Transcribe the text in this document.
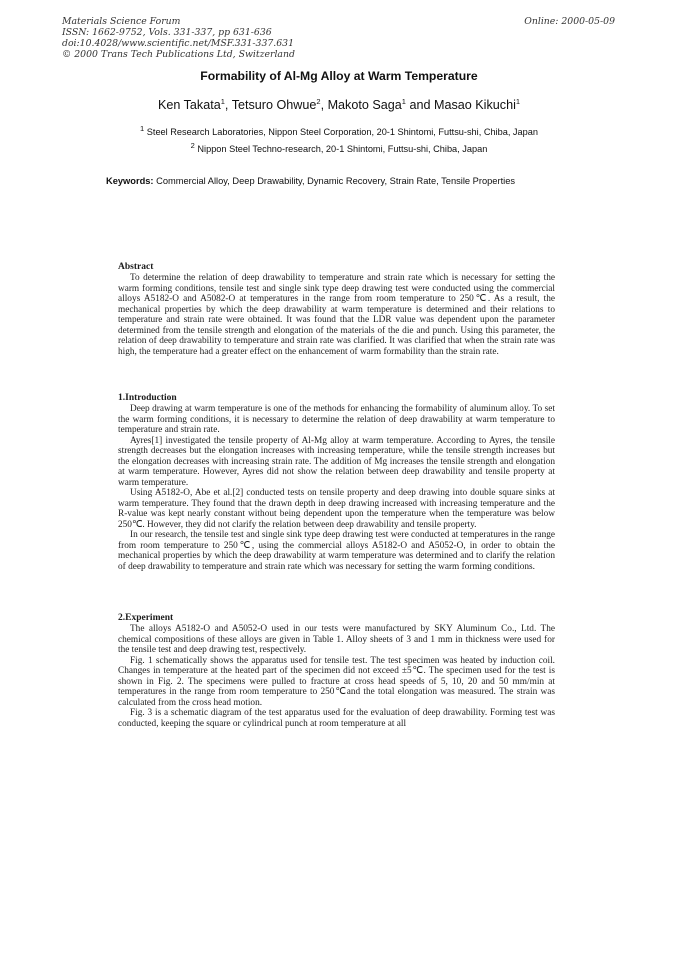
Materials Science Forum
ISSN: 1662-9752, Vols. 331-337, pp 631-636
doi:10.4028/www.scientific.net/MSF.331-337.631
© 2000 Trans Tech Publications Ltd, Switzerland
Online: 2000-05-09
Formability of Al-Mg Alloy at Warm Temperature
Ken Takata$^1$, Tetsuro Ohwue$^2$, Makoto Saga$^1$ and Masao Kikuchi$^1$
$^1$ Steel Research Laboratories, Nippon Steel Corporation, 20-1 Shintomi, Futtsu-shi, Chiba, Japan
$^2$ Nippon Steel Techno-research, 20-1 Shintomi, Futtsu-shi, Chiba, Japan
Keywords: Commercial Alloy, Deep Drawability, Dynamic Recovery, Strain Rate, Tensile Properties
Abstract

To determine the relation of deep drawability to temperature and strain rate which is necessary for setting the warm forming conditions, tensile test and single sink type deep drawing test were conducted using the commercial alloys A5182-O and A5082-O at temperatures in the range from room temperature to 250℃. As a result, the mechanical properties by which the deep drawability at warm temperature is determined and their relations to temperature and strain rate were obtained. It was found that the LDR value was dependent upon the parameter determined from the tensile strength and elongation of the materials of the die and punch. Using this parameter, the relation of deep drawability to temperature and strain rate was clarified. It was clarified that when the strain rate was high, the temperature had a greater effect on the enhancement of warm formability than the strain rate.

1.Introduction

Deep drawing at warm temperature is one of the methods for enhancing the formability of aluminum alloy. To set the warm forming conditions, it is necessary to determine the relation of deep drawability at warm temperature to temperature and strain rate.

Ayres[1] investigated the tensile property of Al-Mg alloy at warm temperature. According to Ayres, the tensile strength decreases but the elongation increases with increasing temperature, while the tensile strength increases but the elongation decreases with increasing strain rate. The addition of Mg increases the tensile strength and elongation at warm temperature. However, Ayres did not show the relation between deep drawability and tensile property at warm temperature.

Using A5182-O, Abe et al.[2] conducted tests on tensile property and deep drawing into double square sinks at warm temperature. They found that the drawn depth in deep drawing increased with increasing temperature and the R-value was kept nearly constant without being dependent upon the temperature when the temperature was below 250℃. However, they did not clarify the relation between deep drawability and tensile property.

In our research, the tensile test and single sink type deep drawing test were conducted at temperatures in the range from room temperature to 250℃, using the commercial alloys A5182-O and A5052-O, in order to obtain the mechanical properties by which the deep drawability at warm temperature was determined and to clarify the relation of deep drawability to temperature and strain rate which was necessary for setting the warm forming conditions.

2.Experiment

The alloys A5182-O and A5052-O used in our tests were manufactured by SKY Aluminum Co., Ltd. The chemical compositions of these alloys are given in Table 1. Alloy sheets of 3 and 1 mm in thickness were used for the tensile test and deep drawing test, respectively.

Fig. 1 schematically shows the apparatus used for tensile test. The test specimen was heated by induction coil. Changes in temperature at the heated part of the specimen did not exceed ±5℃. The specimen used for the test is shown in Fig. 2. The specimens were pulled to fracture at cross head speeds of 5, 10, 20 and 50 mm/min at temperatures in the range from room temperature to 250℃and the total elongation was measured. The strain was calculated from the cross head motion.

Fig. 3 is a schematic diagram of the test apparatus used for the evaluation of deep drawability. Forming test was conducted, keeping the square or cylindrical punch at room temperature at all
